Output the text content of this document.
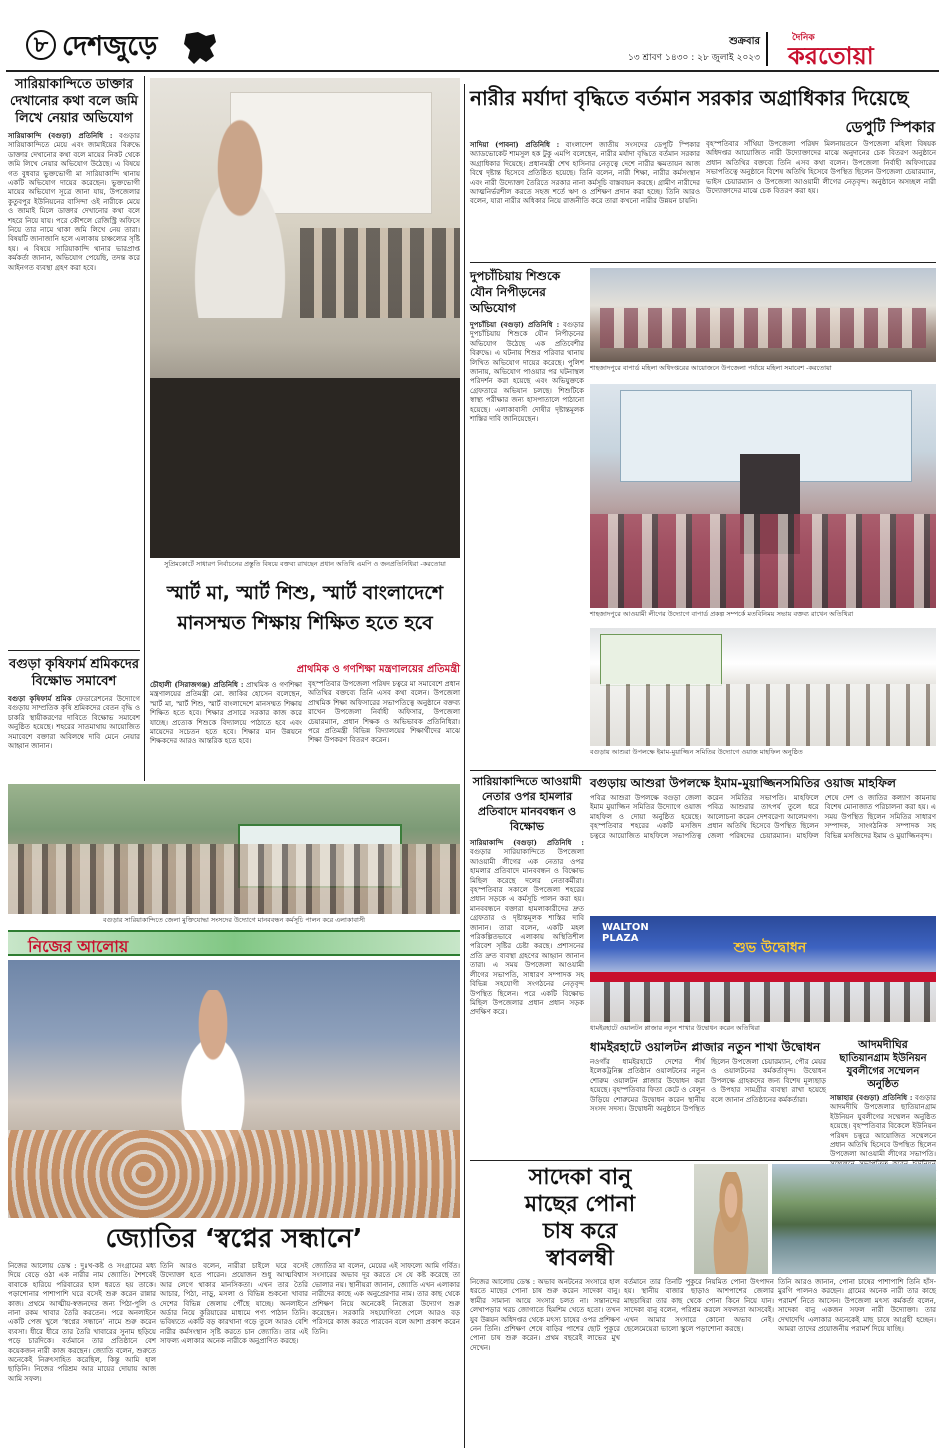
৮ দেশজুড়ে	শুক্রবার
১৩ শ্রাবণ ১৪৩০ : ২৮ জুলাই ২০২৩
দৈনিক
করতোয়া
সারিয়াকান্দিতে ডাক্তার দেখানোর কথা বলে জমি লিখে নেয়ার অভিযোগ
সারিয়াকান্দি (বগুড়া) প্রতিনিধি : বগুড়ার সারিয়াকান্দিতে মেয়ে এবং জামাইয়ের বিরুদ্ধে ডাক্তার দেখানোর কথা বলে মায়ের নিকট থেকে জমি লিখে নেয়ার অভিযোগ উঠেছে। এ বিষয়ে গত বুধবার ভুক্তভোগী মা সারিয়াকান্দি থানায় একটি অভিযোগ দায়ের করেছেন। ভুক্তভোগী মায়ের অভিযোগ সূত্রে জানা যায়, উপজেলার কুতুবপুর ইউনিয়নের বাসিন্দা ওই নারীকে মেয়ে ও জামাই মিলে ডাক্তার দেখানোর কথা বলে শহরে নিয়ে যায়। পরে কৌশলে রেজিস্ট্রি অফিসে নিয়ে তার নামে থাকা জমি লিখে নেয় তারা। বিষয়টি জানাজানি হলে এলাকায় চাঞ্চল্যের সৃষ্টি হয়। এ বিষয়ে সারিয়াকান্দি থানার ভারপ্রাপ্ত কর্মকর্তা জানান, অভিযোগ পেয়েছি, তদন্ত করে আইনগত ব্যবস্থা গ্রহণ করা হবে।
বগুড়া কৃষিফার্ম শ্রমিকদের বিক্ষোভ সমাবেশ
বগুড়া কৃষিফার্ম শ্রমিক ফেডারেশনের উদ্যোগে বগুড়ায় সাম্প্রতিক কৃষি শ্রমিকদের বেতন বৃদ্ধি ও চাকরি স্থায়ীকরণের দাবিতে বিক্ষোভ সমাবেশ অনুষ্ঠিত হয়েছে। শহরের সাতমাথায় আয়োজিত সমাবেশে বক্তারা অবিলম্বে দাবি মেনে নেয়ার আহ্বান জানান।
সুপ্রিমকোর্টে সাধারণ নির্বাচনের প্রস্তুতি বিষয়ে বক্তব্য রাখছেন প্রধান অতিথি এমপি ও জনপ্রতিনিধিরা -করতোয়া
নারীর মর্যাদা বৃদ্ধিতে বর্তমান সরকার অগ্রাধিকার দিয়েছে
ডেপুটি স্পিকার
সাদিয়া (পাবনা) প্রতিনিধি : বাংলাদেশ জাতীয় সংসদের ডেপুটি স্পিকার অ্যাডভোকেট শামসুল হক টুকু এমপি বলেছেন, নারীর মর্যাদা বৃদ্ধিতে বর্তমান সরকার অগ্রাধিকার দিয়েছে। প্রধানমন্ত্রী শেখ হাসিনার নেতৃত্বে দেশে নারীর ক্ষমতায়ন আজ বিশ্বে দৃষ্টান্ত হিসেবে প্রতিষ্ঠিত হয়েছে। তিনি বলেন, নারী শিক্ষা, নারীর কর্মসংস্থান এবং নারী উদ্যোক্তা তৈরিতে সরকার নানা কর্মসূচি বাস্তবায়ন করছে। গ্রামীণ নারীদের আত্মনির্ভরশীল করতে সহজ শর্তে ঋণ ও প্রশিক্ষণ প্রদান করা হচ্ছে। তিনি আরও বলেন, যারা নারীর অধিকার নিয়ে রাজনীতি করে তারা কখনো নারীর উন্নয়ন চায়নি।
বৃহস্পতিবার সাঁথিয়া উপজেলা পরিষদ মিলনায়তনে উপজেলা মহিলা বিষয়ক অধিদপ্তর আয়োজিত নারী উদ্যোক্তাদের মাঝে অনুদানের চেক বিতরণ অনুষ্ঠানে প্রধান অতিথির বক্তব্যে তিনি এসব কথা বলেন। উপজেলা নির্বাহী অফিসারের সভাপতিত্বে অনুষ্ঠানে বিশেষ অতিথি হিসেবে উপস্থিত ছিলেন উপজেলা চেয়ারম্যান, ভাইস চেয়ারম্যান ও উপজেলা আওয়ামী লীগের নেতৃবৃন্দ। অনুষ্ঠানে অসচ্ছল নারী উদ্যোক্তাদের মাঝে চেক বিতরণ করা হয়।
স্মার্ট মা, স্মার্ট শিশু, স্মার্ট বাংলাদেশে
মানসম্মত শিক্ষায় শিক্ষিত হতে হবে
প্রাথমিক ও গণশিক্ষা মন্ত্রণালয়ের প্রতিমন্ত্রী
চৌহালী (সিরাজগঞ্জ) প্রতিনিধি : প্রাথমিক ও গণশিক্ষা মন্ত্রণালয়ের প্রতিমন্ত্রী মো. জাকির হোসেন বলেছেন, স্মার্ট মা, স্মার্ট শিশু, স্মার্ট বাংলাদেশে মানসম্মত শিক্ষায় শিক্ষিত হতে হবে। শিক্ষার প্রসারে সরকার কাজ করে যাচ্ছে। প্রত্যেক শিশুকে বিদ্যালয়ে পাঠাতে হবে এবং মায়েদের সচেতন হতে হবে। শিক্ষার মান উন্নয়নে শিক্ষকদের আরও আন্তরিক হতে হবে।
বৃহস্পতিবার উপজেলা পরিষদ চত্বরে মা সমাবেশে প্রধান অতিথির বক্তব্যে তিনি এসব কথা বলেন। উপজেলা প্রাথমিক শিক্ষা অফিসারের সভাপতিত্বে অনুষ্ঠানে বক্তব্য রাখেন উপজেলা নির্বাহী অফিসার, উপজেলা চেয়ারম্যান, প্রধান শিক্ষক ও অভিভাবক প্রতিনিধিরা। পরে প্রতিমন্ত্রী বিভিন্ন বিদ্যালয়ের শিক্ষার্থীদের মাঝে শিক্ষা উপকরণ বিতরণ করেন।
বগুড়ার সারিয়াকান্দিতে জেলা মুক্তিযোদ্ধা সংসদের উদ্যোগে মানববন্ধন কর্মসূচি পালন করে এলাকাবাসী
নিজের আলোয়
জ্যোতির ‘স্বপ্নের সন্ধানে’
নিজের আলোয় ডেস্ক : দুঃখ-কষ্ট ও সংগ্রামের মধ্য দিয়ে বেড়ে ওঠা এক নারীর নাম জ্যোতি। শৈশবেই বাবাকে হারিয়ে পরিবারের হাল ধরতে হয় তাকে। পড়াশোনার পাশাপাশি ঘরে বসেই শুরু করেন রান্নার কাজ। প্রথমে আত্মীয়-স্বজনদের জন্য পিঠা-পুলি ও নানা রকম খাবার তৈরি করতেন। পরে অনলাইনে একটি পেজ খুলে ‘স্বপ্নের সন্ধানে’ নামে শুরু করেন ব্যবসা। ধীরে ধীরে তার তৈরি খাবারের সুনাম ছড়িয়ে পড়ে চারদিকে। বর্তমানে তার প্রতিষ্ঠানে বেশ কয়েকজন নারী কাজ করছেন। জ্যোতি বলেন, শুরুতে অনেকেই নিরুৎসাহিত করেছিল, কিন্তু আমি হাল ছাড়িনি। নিজের পরিশ্রম আর মায়ের দোয়ায় আজ আমি সফল।
তিনি আরও বলেন, নারীরা চাইলে ঘরে বসেই উদ্যোক্তা হতে পারেন। প্রয়োজন শুধু আত্মবিশ্বাস আর লেগে থাকার মানসিকতা। এখন তার তৈরি আচার, পিঠা, নাড়ু, মসলা ও বিভিন্ন শুকনো খাবার দেশের বিভিন্ন জেলায় পৌঁছে যাচ্ছে। অনলাইনে অর্ডার নিয়ে কুরিয়ারের মাধ্যমে পণ্য পাঠান তিনি। ভবিষ্যতে একটি বড় কারখানা গড়ে তুলে আরও বেশি নারীর কর্মসংস্থান সৃষ্টি করতে চান জ্যোতি। তার এই সাফল্য এলাকার অনেক নারীকে অনুপ্রাণিত করছে।
জ্যোতির মা বলেন, মেয়ের এই সাফল্যে আমি গর্বিত। সংসারের অভাব দূর করতে সে যে কষ্ট করেছে তা ভোলার নয়। স্থানীয়রা জানান, জ্যোতি এখন এলাকার নারীদের কাছে এক অনুপ্রেরণার নাম। তার কাছ থেকে প্রশিক্ষণ নিয়ে অনেকেই নিজেরা উদ্যোগ শুরু করেছেন। সরকারি সহযোগিতা পেলে আরও বড় পরিসরে কাজ করতে পারবেন বলে আশা প্রকাশ করেন তিনি।
দুপচাঁচিয়ায় শিশুকে যৌন নিপীড়নের অভিযোগ
দুপচাঁচিয়া (বগুড়া) প্রতিনিধি : বগুড়ার দুপচাঁচিয়ায় শিশুকে যৌন নিপীড়নের অভিযোগ উঠেছে এক প্রতিবেশীর বিরুদ্ধে। এ ঘটনায় শিশুর পরিবার থানায় লিখিত অভিযোগ দায়ের করেছে। পুলিশ জানায়, অভিযোগ পাওয়ার পর ঘটনাস্থল পরিদর্শন করা হয়েছে এবং অভিযুক্তকে গ্রেফতারে অভিযান চলছে। শিশুটিকে স্বাস্থ্য পরীক্ষার জন্য হাসপাতালে পাঠানো হয়েছে। এলাকাবাসী দোষীর দৃষ্টান্তমূলক শাস্তির দাবি জানিয়েছেন।
শাহজাদপুরে বাপার্ড মহিলা অধিদপ্তরের আয়োজনে উপজেলা পর্যায়ে মহিলা সমাবেশ -করতোয়া
শাহজাদপুরে আওয়ামী লীগের উদ্যোগে বাপার্ড প্রকল্প সম্পর্কে মতবিনিময় সভায় বক্তব্য রাখেন অতিথিরা
বগুড়ায় আশুরা উপলক্ষে ইমাম-মুয়াজ্জিন সমিতির উদ্যোগে ওয়াজ মাহফিল অনুষ্ঠিত
বগুড়ায় আশুরা উপলক্ষে ইমাম-মুয়াজ্জিনসমিতির ওয়াজ মাহফিল
পবিত্র আশুরা উপলক্ষে বগুড়া জেলা ইমাম মুয়াজ্জিন সমিতির উদ্যোগে ওয়াজ মাহফিল ও দোয়া অনুষ্ঠিত হয়েছে। বৃহস্পতিবার শহরের একটি মসজিদ চত্বরে আয়োজিত মাহফিলে সভাপতিত্ব করেন সমিতির সভাপতি। মাহফিলে পবিত্র আশুরার তাৎপর্য তুলে ধরে আলোচনা করেন দেশবরেণ্য আলেমগণ। প্রধান অতিথি হিসেবে উপস্থিত ছিলেন জেলা পরিষদের চেয়ারম্যান। মাহফিল শেষে দেশ ও জাতির কল্যাণ কামনায় বিশেষ মোনাজাত পরিচালনা করা হয়। এ সময় উপস্থিত ছিলেন সমিতির সাধারণ সম্পাদক, সাংগঠনিক সম্পাদক সহ বিভিন্ন মসজিদের ইমাম ও মুয়াজ্জিনবৃন্দ।
সারিয়াকান্দিতে আওয়ামী নেতার ওপর হামলার প্রতিবাদে মানববন্ধন ও বিক্ষোভ
সারিয়াকান্দি (বগুড়া) প্রতিনিধি : বগুড়ার সারিয়াকান্দিতে উপজেলা আওয়ামী লীগের এক নেতার ওপর হামলার প্রতিবাদে মানববন্ধন ও বিক্ষোভ মিছিল করেছে দলের নেতাকর্মীরা। বৃহস্পতিবার সকালে উপজেলা শহরের প্রধান সড়কে এ কর্মসূচি পালন করা হয়। মানববন্ধনে বক্তারা হামলাকারীদের দ্রুত গ্রেফতার ও দৃষ্টান্তমূলক শাস্তির দাবি জানান। তারা বলেন, একটি মহল পরিকল্পিতভাবে এলাকায় অস্থিতিশীল পরিবেশ সৃষ্টির চেষ্টা করছে। প্রশাসনের প্রতি দ্রুত ব্যবস্থা গ্রহণের আহ্বান জানান তারা। এ সময় উপজেলা আওয়ামী লীগের সভাপতি, সাধারণ সম্পাদক সহ বিভিন্ন সহযোগী সংগঠনের নেতৃবৃন্দ উপস্থিত ছিলেন। পরে একটি বিক্ষোভ মিছিল উপজেলার প্রধান প্রধান সড়ক প্রদক্ষিণ করে।
WALTON
PLAZA
শুভ উদ্বোধন
ধামইরহাটে ওয়ালটন প্লাজার নতুন শাখার উদ্বোধন করেন অতিথিরা
ধামইরহাটে ওয়ালটন প্লাজার নতুন শাখা উদ্বোধন
নওগাঁর ধামইরহাটে দেশের শীর্ষ ইলেকট্রনিক্স প্রতিষ্ঠান ওয়ালটনের নতুন শোরুম ওয়ালটন প্লাজার উদ্বোধন করা হয়েছে। বৃহস্পতিবার ফিতা কেটে ও বেলুন উড়িয়ে শোরুমের উদ্বোধন করেন স্থানীয় সংসদ সদস্য। উদ্বোধনী অনুষ্ঠানে উপস্থিত ছিলেন উপজেলা চেয়ারম্যান, পৌর মেয়র ও ওয়ালটনের কর্মকর্তাবৃন্দ। উদ্বোধন উপলক্ষে গ্রাহকদের জন্য বিশেষ মূল্যছাড় ও উপহার সামগ্রীর ব্যবস্থা রাখা হয়েছে বলে জানান প্রতিষ্ঠানের কর্মকর্তারা।
আদমদীঘির
ছাতিয়ানগ্রাম ইউনিয়ন যুবলীগের সম্মেলন
অনুষ্ঠিত
সান্তাহার (বগুড়া) প্রতিনিধি : বগুড়ার আদমদীঘি উপজেলার ছাতিয়ানগ্রাম ইউনিয়ন যুবলীগের সম্মেলন অনুষ্ঠিত হয়েছে। বৃহস্পতিবার বিকেলে ইউনিয়ন পরিষদ চত্বরে আয়োজিত সম্মেলনে প্রধান অতিথি হিসেবে উপস্থিত ছিলেন উপজেলা আওয়ামী লীগের সভাপতি।
সাদেকা বানু
মাছের পোনা
চাষ করে
স্বাবলম্বী
নিজের আলোয় ডেস্ক : অভাব অনটনের সংসারে হাল ধরতে মাছের পোনা চাষ শুরু করেন সাদেকা বানু। স্বামীর সামান্য আয়ে সংসার চলত না। সন্তানদের লেখাপড়ার খরচ জোগাতে হিমশিম খেতে হতো। তখন যুব উন্নয়ন অধিদপ্তর থেকে মৎস্য চাষের ওপর প্রশিক্ষণ নেন তিনি। প্রশিক্ষণ শেষে বাড়ির পাশের ছোট পুকুরে পোনা চাষ শুরু করেন। প্রথম বছরেই লাভের মুখ দেখেন।
বর্তমানে তার তিনটি পুকুরে নিয়মিত পোনা উৎপাদন হয়। স্থানীয় বাজার ছাড়াও আশপাশের জেলার মাছচাষিরা তার কাছ থেকে পোনা কিনে নিয়ে যান। সাদেকা বানু বলেন, পরিশ্রম করলে সফলতা আসবেই। এখন আমার সংসারে কোনো অভাব নেই। ছেলেমেয়েরা ভালো স্কুলে পড়াশোনা করছে।
তিনি আরও জানান, পোনা চাষের পাশাপাশি তিনি হাঁস-মুরগি পালনও করছেন। গ্রামের অনেক নারী তার কাছে পরামর্শ নিতে আসেন। উপজেলা মৎস্য কর্মকর্তা বলেন, সাদেকা বানু একজন সফল নারী উদ্যোক্তা। তার দেখাদেখি এলাকার অনেকেই মাছ চাষে আগ্রহী হচ্ছেন। আমরা তাদের প্রয়োজনীয় পরামর্শ দিয়ে যাচ্ছি।
